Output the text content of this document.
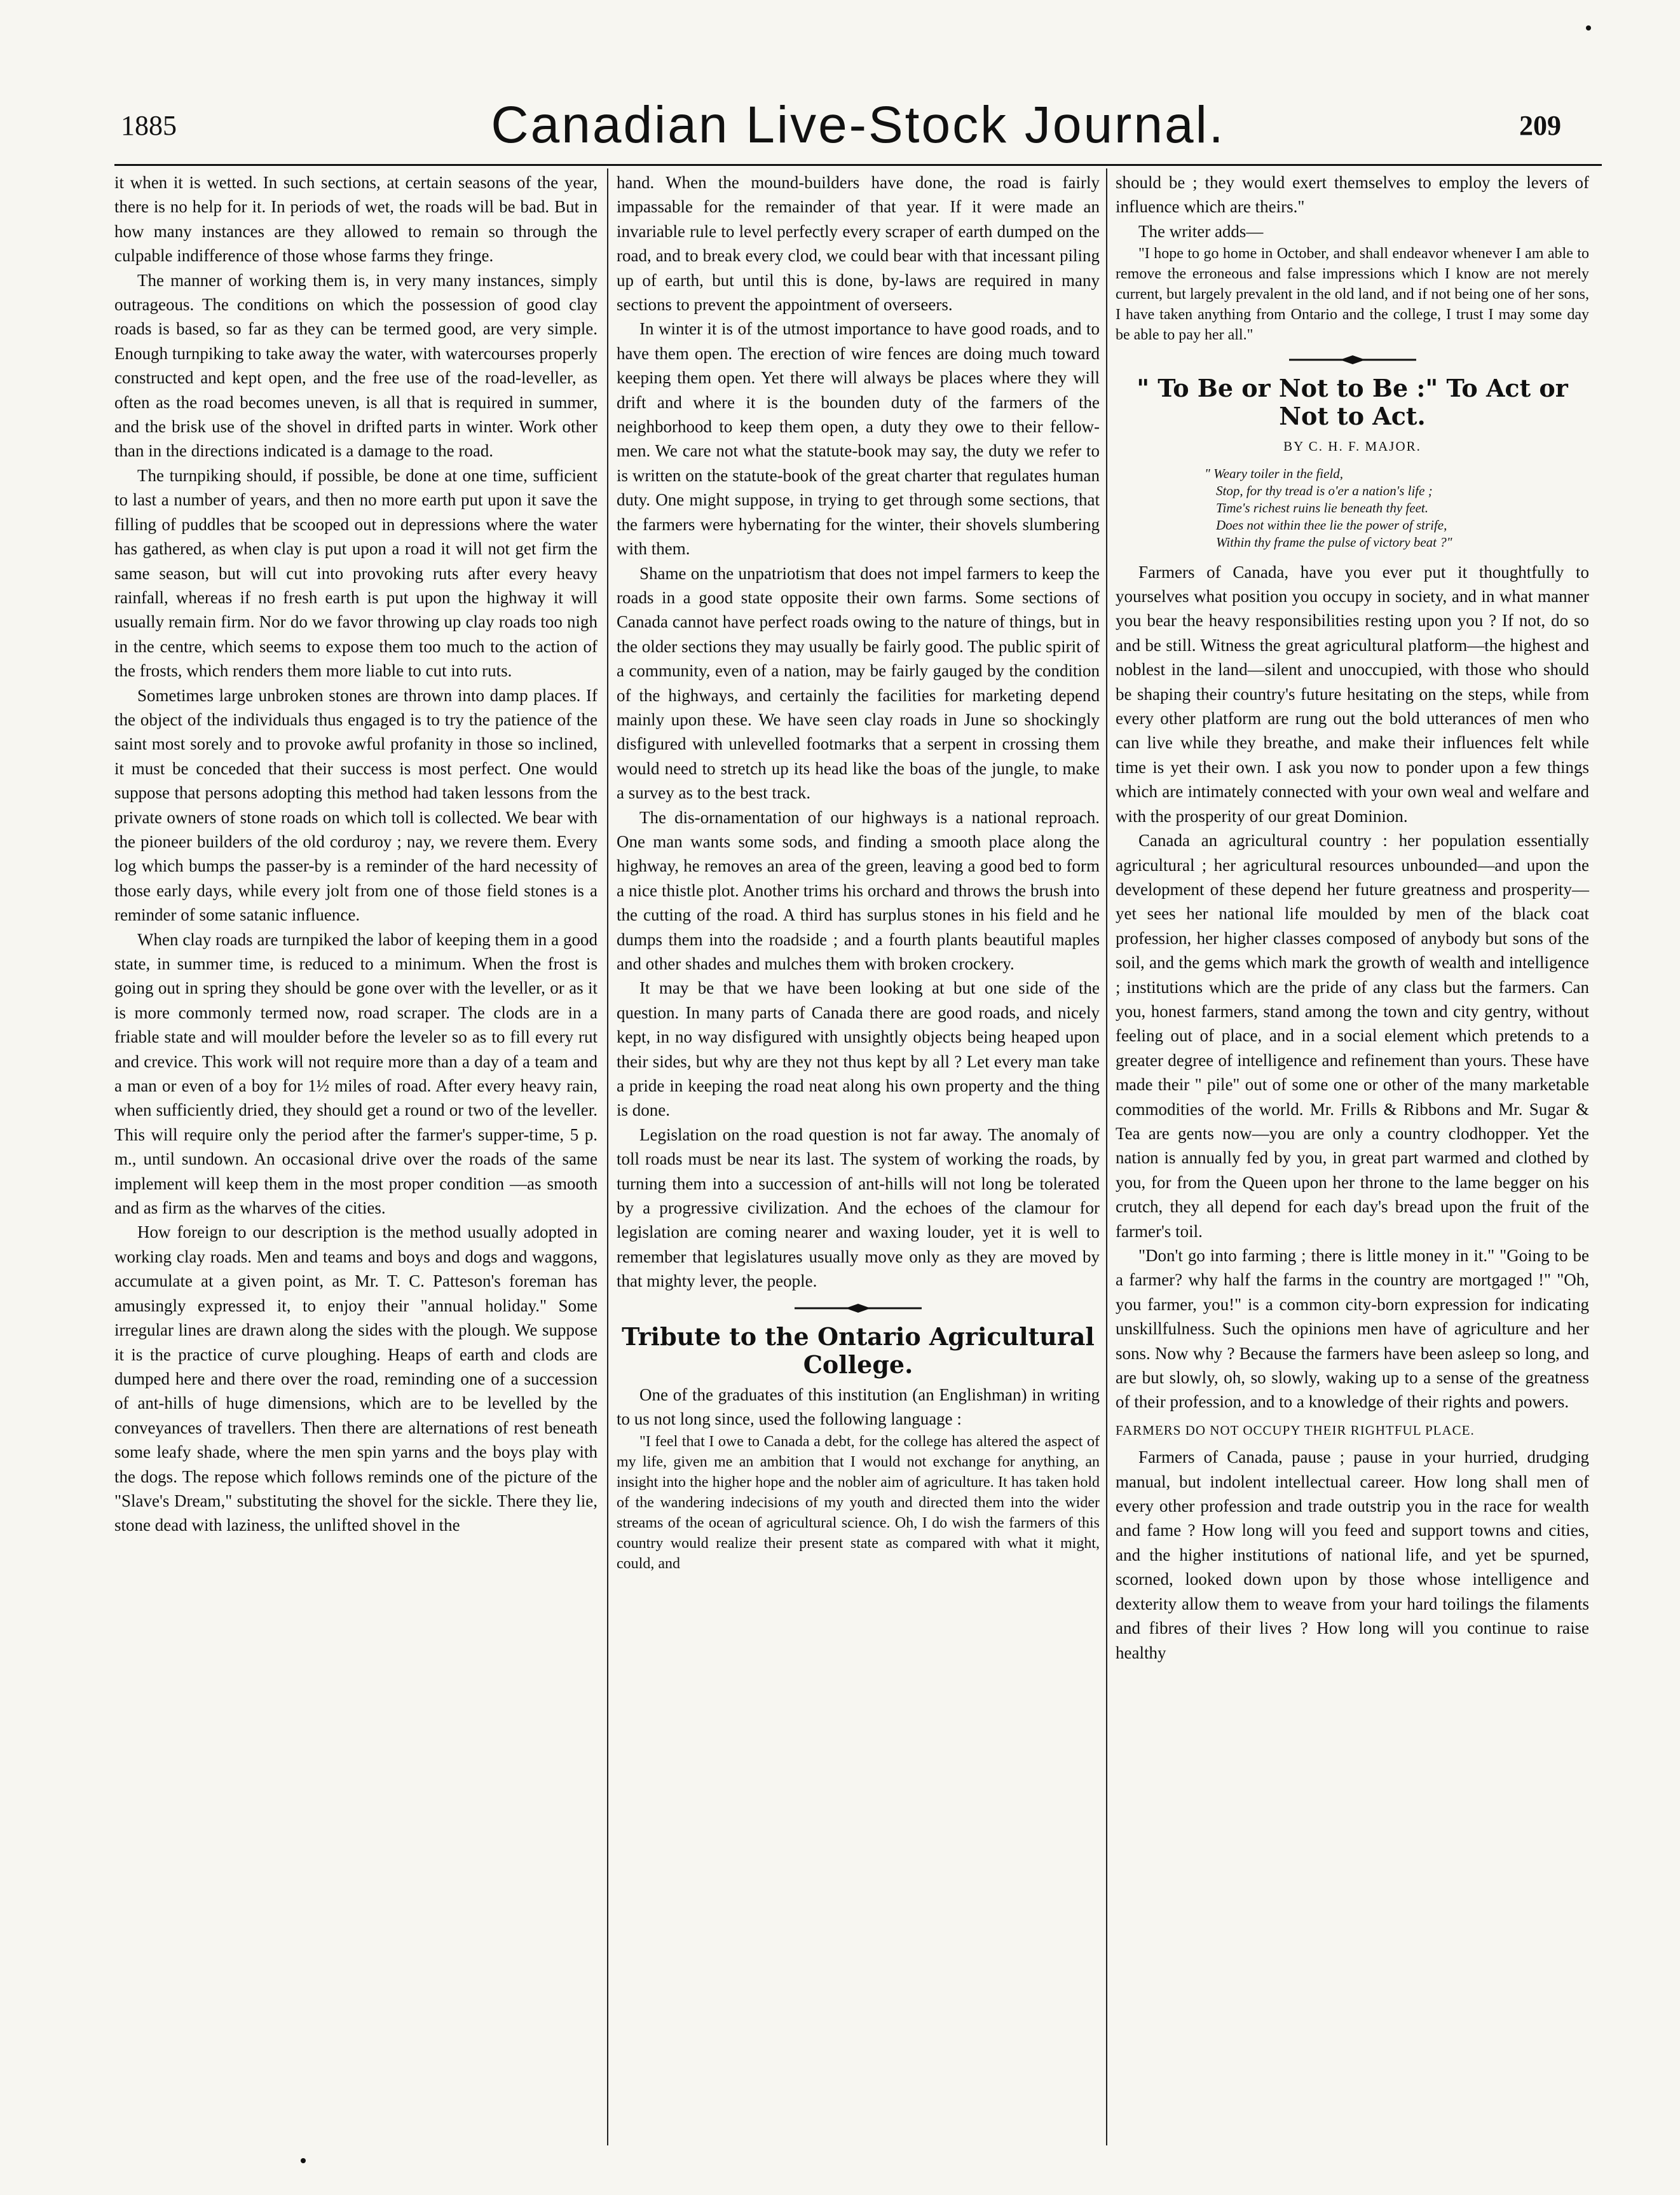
1885	Canadian Live-Stock Journal.	209

it when it is wetted. In such sections, at certain seasons of the year, there is no help for it. In periods of wet, the roads will be bad. But in how many instances are they allowed to remain so through the culpable indifference of those whose farms they fringe.

The manner of working them is, in very many instances, simply outrageous. The conditions on which the possession of good clay roads is based, so far as they can be termed good, are very simple. Enough turnpiking to take away the water, with watercourses properly constructed and kept open, and the free use of the road-leveller, as often as the road becomes uneven, is all that is required in summer, and the brisk use of the shovel in drifted parts in winter. Work other than in the directions indicated is a damage to the road.

The turnpiking should, if possible, be done at one time, sufficient to last a number of years, and then no more earth put upon it save the filling of puddles that be scooped out in depressions where the water has gathered, as when clay is put upon a road it will not get firm the same season, but will cut into provoking ruts after every heavy rainfall, whereas if no fresh earth is put upon the highway it will usually remain firm. Nor do we favor throwing up clay roads too nigh in the centre, which seems to expose them too much to the action of the frosts, which renders them more liable to cut into ruts.

Sometimes large unbroken stones are thrown into damp places. If the object of the individuals thus engaged is to try the patience of the saint most sorely and to provoke awful profanity in those so inclined, it must be conceded that their success is most perfect. One would suppose that persons adopting this method had taken lessons from the private owners of stone roads on which toll is collected. We bear with the pioneer builders of the old corduroy ; nay, we revere them. Every log which bumps the passer-by is a reminder of the hard necessity of those early days, while every jolt from one of those field stones is a reminder of some satanic influence.

When clay roads are turnpiked the labor of keeping them in a good state, in summer time, is reduced to a minimum. When the frost is going out in spring they should be gone over with the leveller, or as it is more commonly termed now, road scraper. The clods are in a friable state and will moulder before the leveler so as to fill every rut and crevice. This work will not require more than a day of a team and a man or even of a boy for 1½ miles of road. After every heavy rain, when sufficiently dried, they should get a round or two of the leveller. This will require only the period after the farmer's supper-time, 5 p. m., until sundown. An occasional drive over the roads of the same implement will keep them in the most proper condition —as smooth and as firm as the wharves of the cities.

How foreign to our description is the method usually adopted in working clay roads. Men and teams and boys and dogs and waggons, accumulate at a given point, as Mr. T. C. Patteson's foreman has amusingly expressed it, to enjoy their "annual holiday." Some irregular lines are drawn along the sides with the plough. We suppose it is the practice of curve ploughing. Heaps of earth and clods are dumped here and there over the road, reminding one of a succession of ant-hills of huge dimensions, which are to be levelled by the conveyances of travellers. Then there are alternations of rest beneath some leafy shade, where the men spin yarns and the boys play with the dogs. The repose which follows reminds one of the picture of the "Slave's Dream," substituting the shovel for the sickle. There they lie, stone dead with laziness, the unlifted shovel in the

hand. When the mound-builders have done, the road is fairly impassable for the remainder of that year. If it were made an invariable rule to level perfectly every scraper of earth dumped on the road, and to break every clod, we could bear with that incessant piling up of earth, but until this is done, by-laws are required in many sections to prevent the appointment of overseers.

In winter it is of the utmost importance to have good roads, and to have them open. The erection of wire fences are doing much toward keeping them open. Yet there will always be places where they will drift and where it is the bounden duty of the farmers of the neighborhood to keep them open, a duty they owe to their fellow-men. We care not what the statute-book may say, the duty we refer to is written on the statute-book of the great charter that regulates human duty. One might suppose, in trying to get through some sections, that the farmers were hybernating for the winter, their shovels slumbering with them.

Shame on the unpatriotism that does not impel farmers to keep the roads in a good state opposite their own farms. Some sections of Canada cannot have perfect roads owing to the nature of things, but in the older sections they may usually be fairly good. The public spirit of a community, even of a nation, may be fairly gauged by the condition of the highways, and certainly the facilities for marketing depend mainly upon these. We have seen clay roads in June so shockingly disfigured with unlevelled footmarks that a serpent in crossing them would need to stretch up its head like the boas of the jungle, to make a survey as to the best track.

The dis-ornamentation of our highways is a national reproach. One man wants some sods, and finding a smooth place along the highway, he removes an area of the green, leaving a good bed to form a nice thistle plot. Another trims his orchard and throws the brush into the cutting of the road. A third has surplus stones in his field and he dumps them into the roadside ; and a fourth plants beautiful maples and other shades and mulches them with broken crockery.

It may be that we have been looking at but one side of the question. In many parts of Canada there are good roads, and nicely kept, in no way disfigured with unsightly objects being heaped upon their sides, but why are they not thus kept by all ? Let every man take a pride in keeping the road neat along his own property and the thing is done.

Legislation on the road question is not far away. The anomaly of toll roads must be near its last. The system of working the roads, by turning them into a succession of ant-hills will not long be tolerated by a progressive civilization. And the echoes of the clamour for legislation are coming nearer and waxing louder, yet it is well to remember that legislatures usually move only as they are moved by that mighty lever, the people.

Tribute to the Ontario Agricultural College.

One of the graduates of this institution (an Englishman) in writing to us not long since, used the following language :

"I feel that I owe to Canada a debt, for the college has altered the aspect of my life, given me an ambition that I would not exchange for anything, an insight into the higher hope and the nobler aim of agriculture. It has taken hold of the wandering indecisions of my youth and directed them into the wider streams of the ocean of agricultural science. Oh, I do wish the farmers of this country would realize their present state as compared with what it might, could, and

should be ; they would exert themselves to employ the levers of influence which are theirs."

The writer adds—

"I hope to go home in October, and shall endeavor whenever I am able to remove the erroneous and false impressions which I know are not merely current, but largely prevalent in the old land, and if not being one of her sons, I have taken anything from Ontario and the college, I trust I may some day be able to pay her all."

" To Be or Not to Be :" To Act or Not to Act.
BY C. H. F. MAJOR.
" Weary toiler in the field,
Stop, for thy tread is o'er a nation's life ;
Time's richest ruins lie beneath thy feet.
Does not within thee lie the power of strife,
Within thy frame the pulse of victory beat ?"

Farmers of Canada, have you ever put it thoughtfully to yourselves what position you occupy in society, and in what manner you bear the heavy responsibilities resting upon you ? If not, do so and be still. Witness the great agricultural platform—the highest and noblest in the land—silent and unoccupied, with those who should be shaping their country's future hesitating on the steps, while from every other platform are rung out the bold utterances of men who can live while they breathe, and make their influences felt while time is yet their own. I ask you now to ponder upon a few things which are intimately connected with your own weal and welfare and with the prosperity of our great Dominion.

Canada an agricultural country : her population essentially agricultural ; her agricultural resources unbounded—and upon the development of these depend her future greatness and prosperity—yet sees her national life moulded by men of the black coat profession, her higher classes composed of anybody but sons of the soil, and the gems which mark the growth of wealth and intelligence ; institutions which are the pride of any class but the farmers. Can you, honest farmers, stand among the town and city gentry, without feeling out of place, and in a social element which pretends to a greater degree of intelligence and refinement than yours. These have made their " pile" out of some one or other of the many marketable commodities of the world. Mr. Frills & Ribbons and Mr. Sugar & Tea are gents now—you are only a country clodhopper. Yet the nation is annually fed by you, in great part warmed and clothed by you, for from the Queen upon her throne to the lame begger on his crutch, they all depend for each day's bread upon the fruit of the farmer's toil.

"Don't go into farming ; there is little money in it." "Going to be a farmer? why half the farms in the country are mortgaged !" "Oh, you farmer, you!" is a common city-born expression for indicating unskillfulness. Such the opinions men have of agriculture and her sons. Now why ? Because the farmers have been asleep so long, and are but slowly, oh, so slowly, waking up to a sense of the greatness of their profession, and to a knowledge of their rights and powers.

FARMERS DO NOT OCCUPY THEIR RIGHTFUL PLACE.

Farmers of Canada, pause ; pause in your hurried, drudging manual, but indolent intellectual career. How long shall men of every other profession and trade outstrip you in the race for wealth and fame ? How long will you feed and support towns and cities, and the higher institutions of national life, and yet be spurned, scorned, looked down upon by those whose intelligence and dexterity allow them to weave from your hard toilings the filaments and fibres of their lives ? How long will you continue to raise healthy
